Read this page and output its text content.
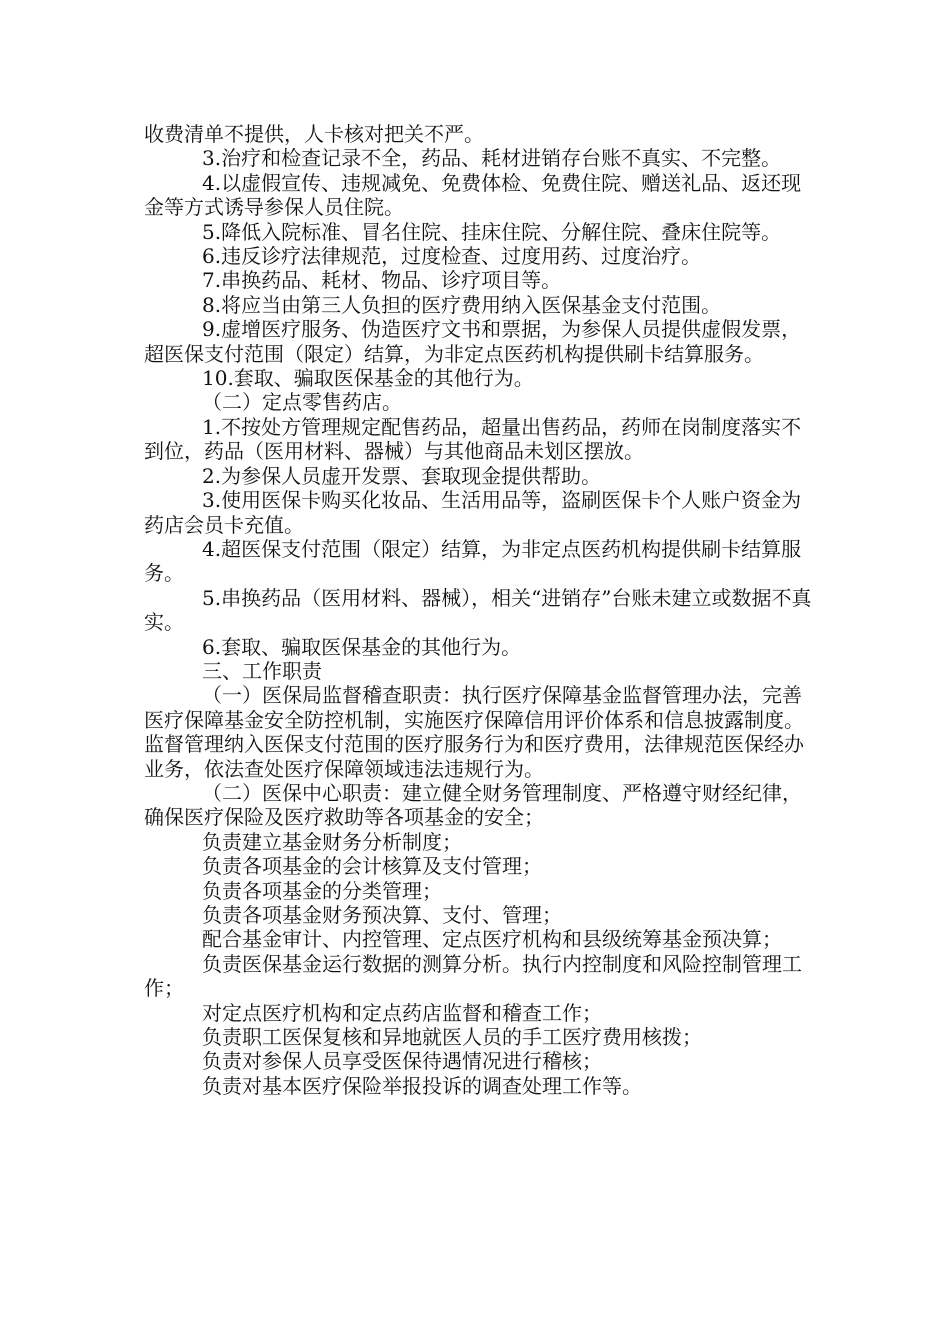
收费清单不提供，人卡核对把关不严。

3.治疗和检查记录不全，药品、耗材进销存台账不真实、不完整。

4.以虚假宣传、违规减免、免费体检、免费住院、赠送礼品、返还现金等方式诱导参保人员住院。

5.降低入院标准、冒名住院、挂床住院、分解住院、叠床住院等。

6.违反诊疗法律规范，过度检查、过度用药、过度治疗。

7.串换药品、耗材、物品、诊疗项目等。

8.将应当由第三人负担的医疗费用纳入医保基金支付范围。

9.虚增医疗服务、伪造医疗文书和票据，为参保人员提供虚假发票，超医保支付范围（限定）结算，为非定点医药机构提供刷卡结算服务。

10.套取、骗取医保基金的其他行为。

（二）定点零售药店。

1.不按处方管理规定配售药品，超量出售药品，药师在岗制度落实不到位，药品（医用材料、器械）与其他商品未划区摆放。

2.为参保人员虚开发票、套取现金提供帮助。

3.使用医保卡购买化妆品、生活用品等，盗刷医保卡个人账户资金为药店会员卡充值。

4.超医保支付范围（限定）结算，为非定点医药机构提供刷卡结算服务。

5.串换药品（医用材料、器械），相关“进销存”台账未建立或数据不真实。

6.套取、骗取医保基金的其他行为。

三、工作职责

（一）医保局监督稽查职责：执行医疗保障基金监督管理办法，完善医疗保障基金安全防控机制，实施医疗保障信用评价体系和信息披露制度。监督管理纳入医保支付范围的医疗服务行为和医疗费用，法律规范医保经办业务，依法查处医疗保障领域违法违规行为。

（二）医保中心职责：建立健全财务管理制度、严格遵守财经纪律，确保医疗保险及医疗救助等各项基金的安全；

负责建立基金财务分析制度；

负责各项基金的会计核算及支付管理；

负责各项基金的分类管理；

负责各项基金财务预决算、支付、管理；

配合基金审计、内控管理、定点医疗机构和县级统筹基金预决算；

负责医保基金运行数据的测算分析。执行内控制度和风险控制管理工作；

对定点医疗机构和定点药店监督和稽查工作；

负责职工医保复核和异地就医人员的手工医疗费用核拨；

负责对参保人员享受医保待遇情况进行稽核；

负责对基本医疗保险举报投诉的调查处理工作等。
